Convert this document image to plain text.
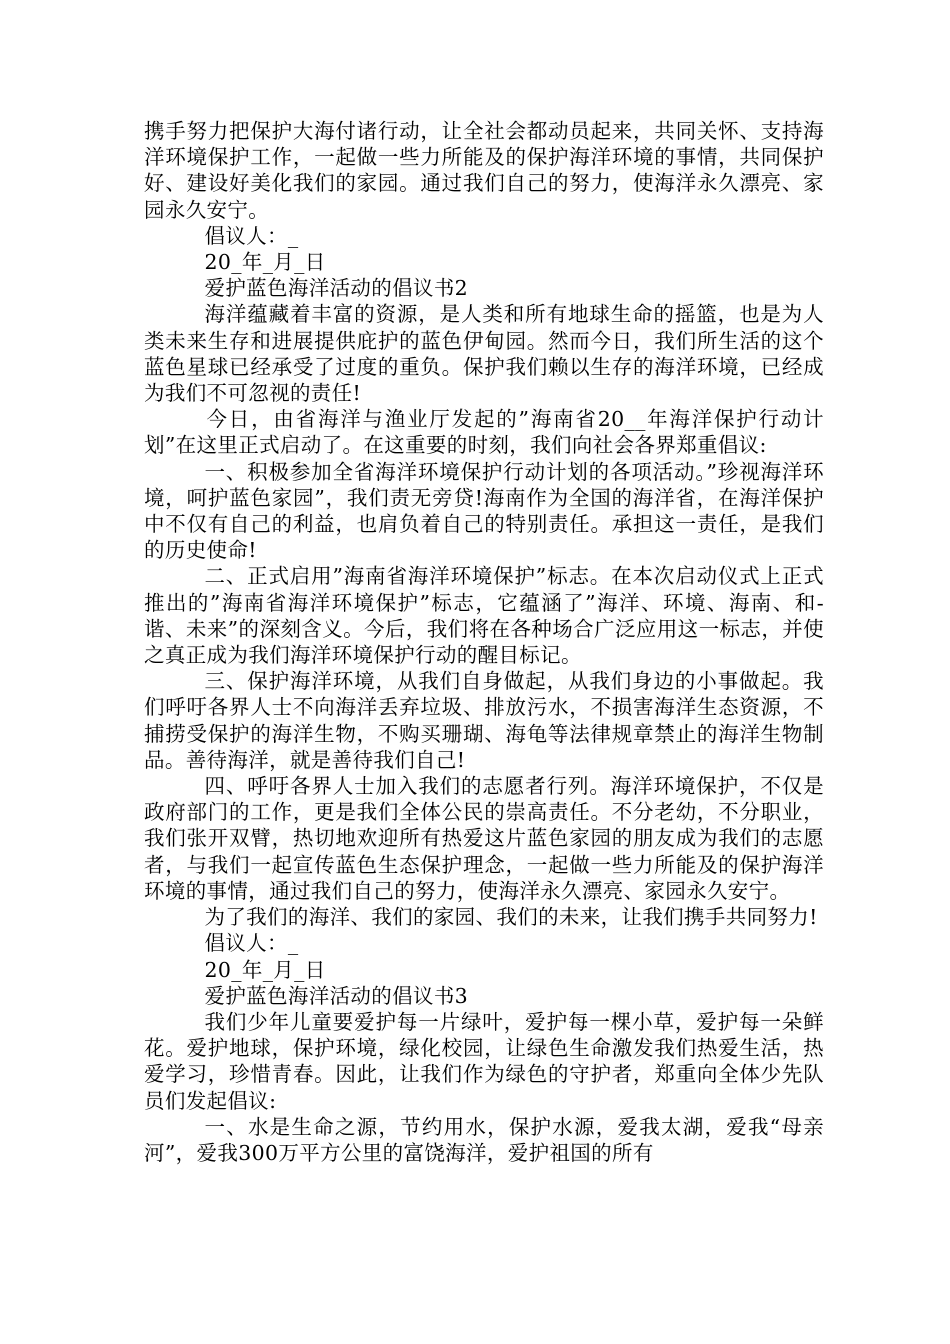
携手努力把保护大海付诸行动，让全社会都动员起来，共同关怀、支持海洋环境保护工作，一起做一些力所能及的保护海洋环境的事情，共同保护好、建设好美化我们的家园。通过我们自己的努力，使海洋永久漂亮、家园永久安宁。

倡议人：_

20_年_月_日

爱护蓝色海洋活动的倡议书2

海洋蕴藏着丰富的资源，是人类和所有地球生命的摇篮，也是为人类未来生存和进展提供庇护的蓝色伊甸园。然而今日，我们所生活的这个蓝色星球已经承受了过度的重负。保护我们赖以生存的海洋环境，已经成为我们不可忽视的责任!

今日，由省海洋与渔业厅发起的”海南省20__年海洋保护行动计划”在这里正式启动了。在这重要的时刻，我们向社会各界郑重倡议:

一、积极参加全省海洋环境保护行动计划的各项活动。”珍视海洋环境，呵护蓝色家园”，我们责无旁贷!海南作为全国的海洋省，在海洋保护中不仅有自己的利益，也肩负着自己的特别责任。承担这一责任，是我们的历史使命!

二、正式启用”海南省海洋环境保护”标志。在本次启动仪式上正式推出的”海南省海洋环境保护”标志，它蕴涵了”海洋、环境、海南、和-谐、未来”的深刻含义。今后，我们将在各种场合广泛应用这一标志，并使之真正成为我们海洋环境保护行动的醒目标记。

三、保护海洋环境，从我们自身做起，从我们身边的小事做起。我们呼吁各界人士不向海洋丢弃垃圾、排放污水，不损害海洋生态资源，不捕捞受保护的海洋生物，不购买珊瑚、海龟等法律规章禁止的海洋生物制品。善待海洋，就是善待我们自己!

四、呼吁各界人士加入我们的志愿者行列。海洋环境保护，不仅是政府部门的工作，更是我们全体公民的崇高责任。不分老幼，不分职业，我们张开双臂，热切地欢迎所有热爱这片蓝色家园的朋友成为我们的志愿者，与我们一起宣传蓝色生态保护理念，一起做一些力所能及的保护海洋环境的事情，通过我们自己的努力，使海洋永久漂亮、家园永久安宁。

为了我们的海洋、我们的家园、我们的未来，让我们携手共同努力!

倡议人：_

20_年_月_日

爱护蓝色海洋活动的倡议书3

我们少年儿童要爱护每一片绿叶，爱护每一棵小草，爱护每一朵鲜花。爱护地球，保护环境，绿化校园，让绿色生命激发我们热爱生活，热爱学习，珍惜青春。因此，让我们作为绿色的守护者，郑重向全体少先队员们发起倡议:

一、水是生命之源，节约用水，保护水源，爱我太湖，爱我“母亲河”，爱我300万平方公里的富饶海洋，爱护祖国的所有
